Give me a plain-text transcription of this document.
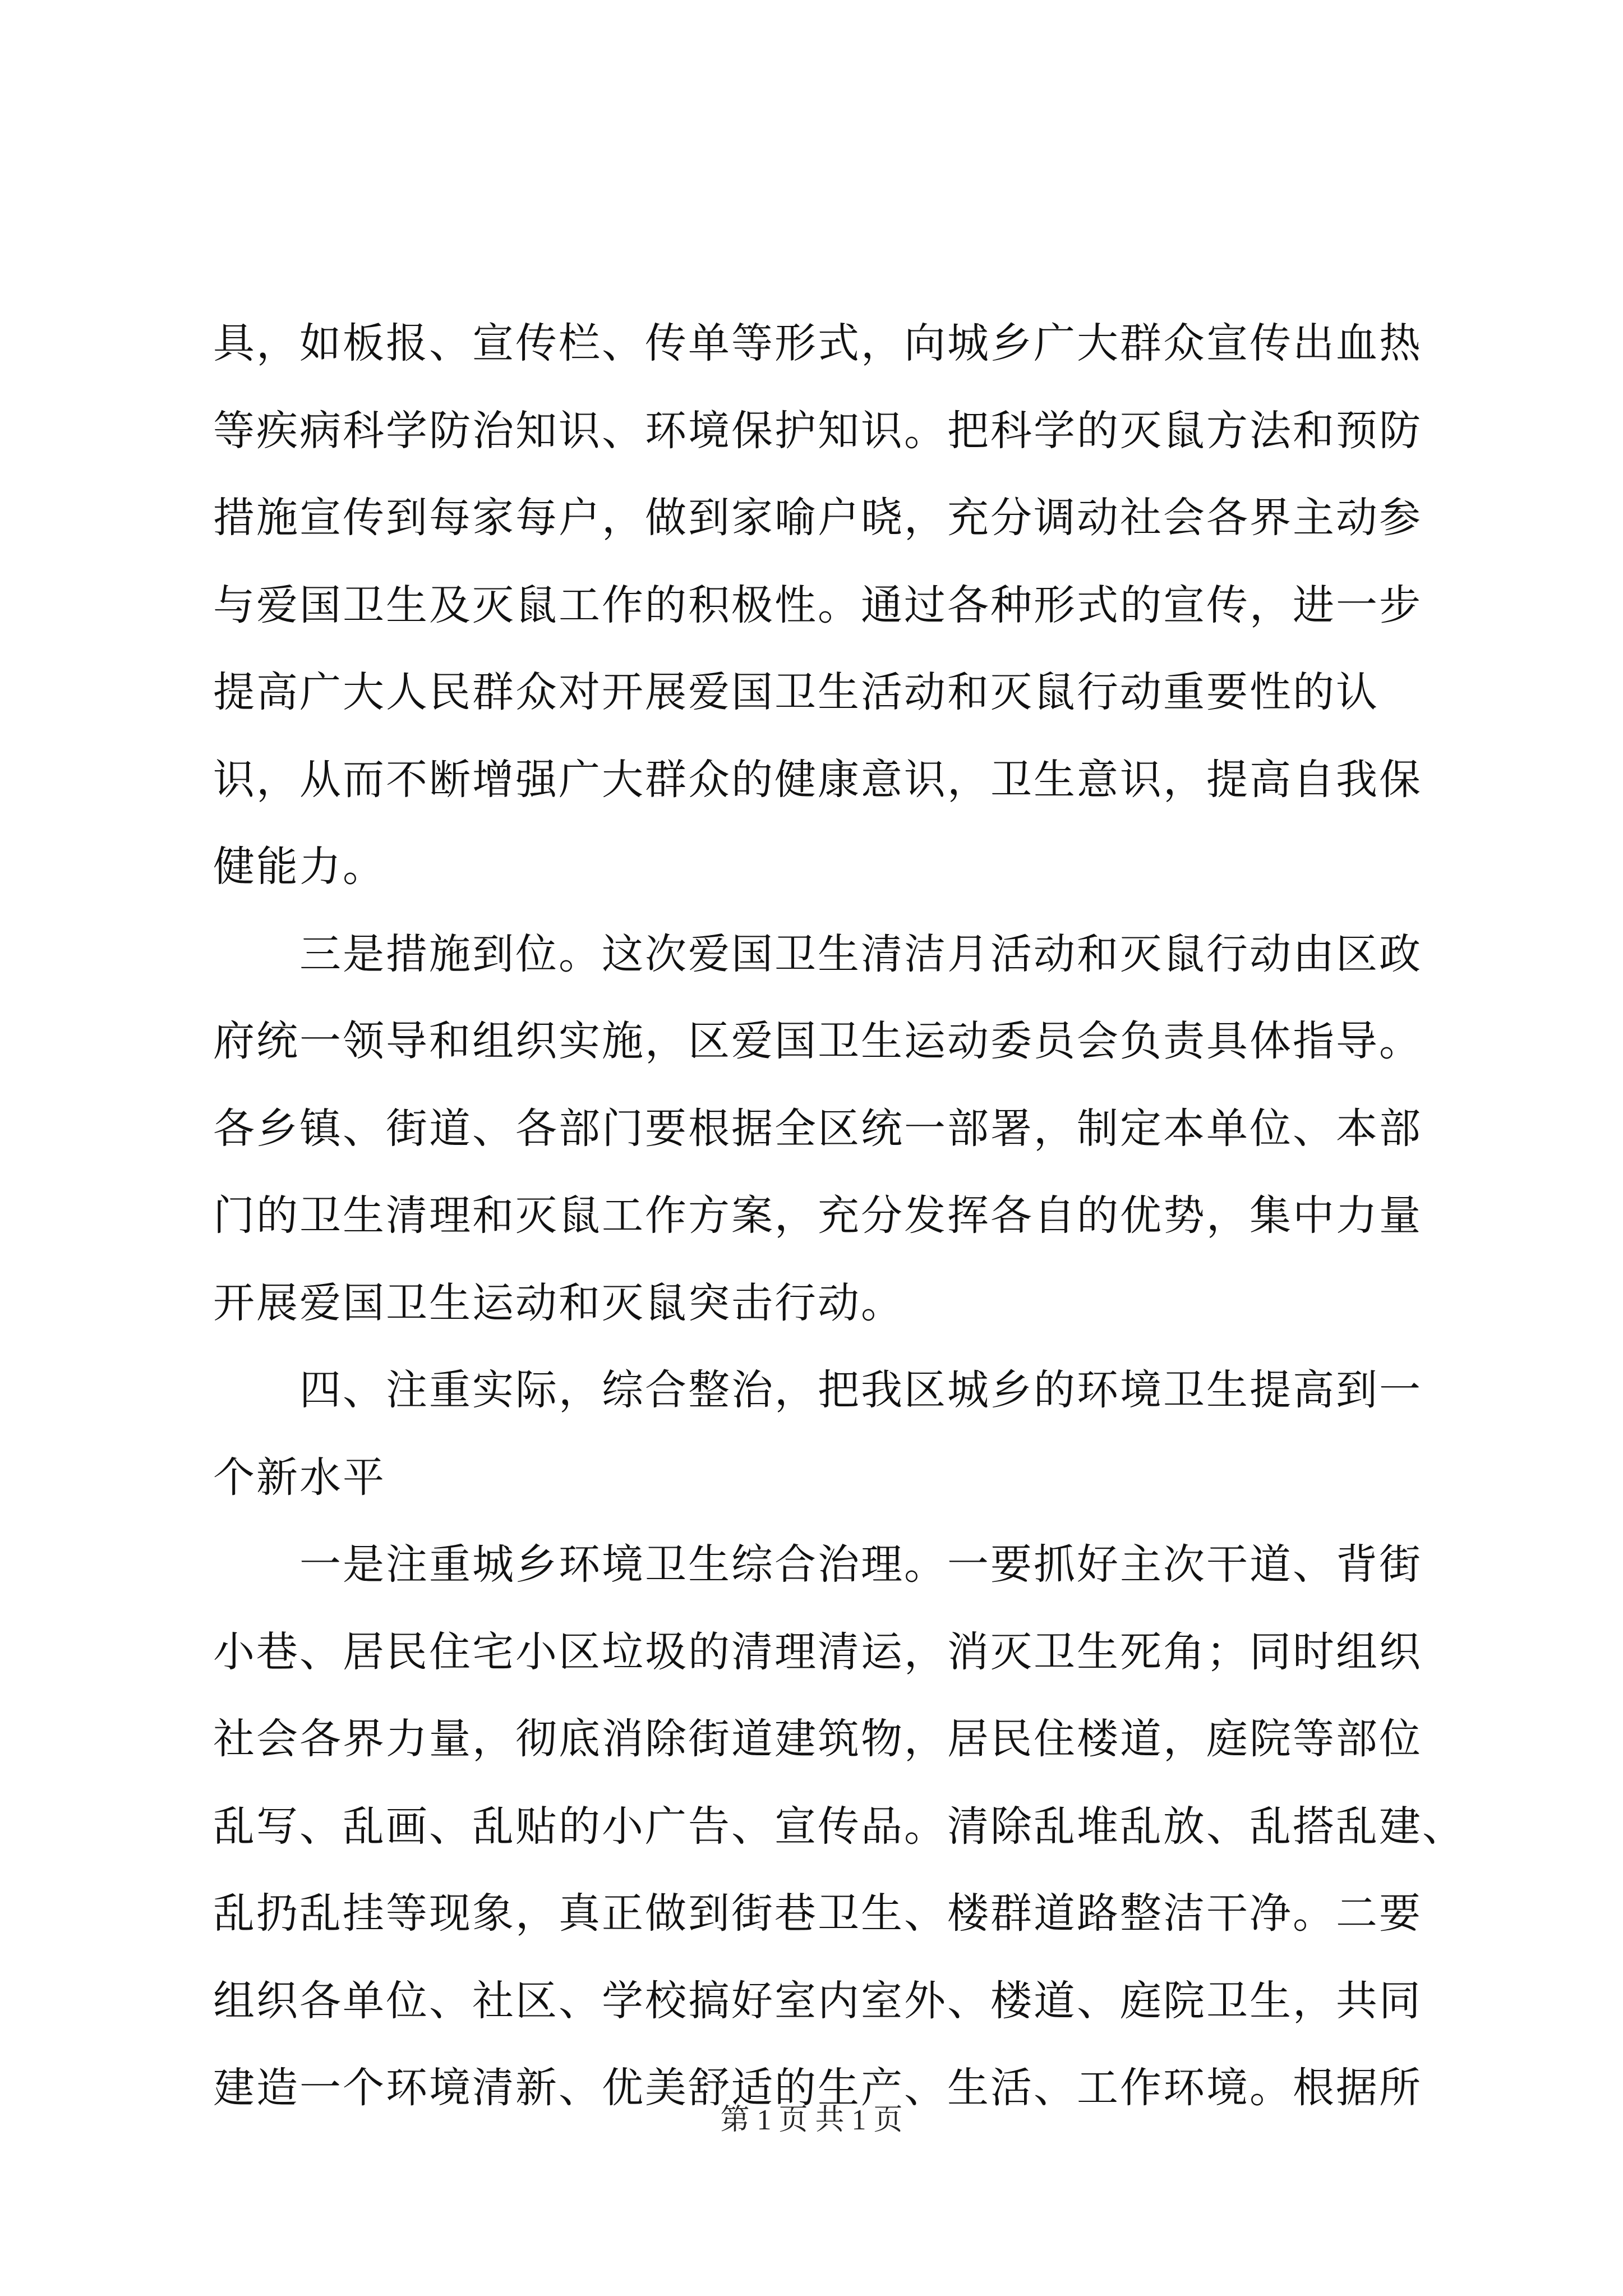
具，如板报、宣传栏、传单等形式，向城乡广大群众宣传出血热
等疾病科学防治知识、环境保护知识。把科学的灭鼠方法和预防
措施宣传到每家每户，做到家喻户晓，充分调动社会各界主动参
与爱国卫生及灭鼠工作的积极性。通过各种形式的宣传，进一步
提高广大人民群众对开展爱国卫生活动和灭鼠行动重要性的认
识，从而不断增强广大群众的健康意识，卫生意识，提高自我保
健能力。
　　三是措施到位。这次爱国卫生清洁月活动和灭鼠行动由区政
府统一领导和组织实施，区爱国卫生运动委员会负责具体指导。
各乡镇、街道、各部门要根据全区统一部署，制定本单位、本部
门的卫生清理和灭鼠工作方案，充分发挥各自的优势，集中力量
开展爱国卫生运动和灭鼠突击行动。
　　四、注重实际，综合整治，把我区城乡的环境卫生提高到一
个新水平
　　一是注重城乡环境卫生综合治理。一要抓好主次干道、背街
小巷、居民住宅小区垃圾的清理清运，消灭卫生死角；同时组织
社会各界力量，彻底消除街道建筑物，居民住楼道，庭院等部位
乱写、乱画、乱贴的小广告、宣传品。清除乱堆乱放、乱搭乱建、
乱扔乱挂等现象，真正做到街巷卫生、楼群道路整洁干净。二要
组织各单位、社区、学校搞好室内室外、楼道、庭院卫生，共同
建造一个环境清新、优美舒适的生产、生活、工作环境。根据所
第 1 页 共 1 页
